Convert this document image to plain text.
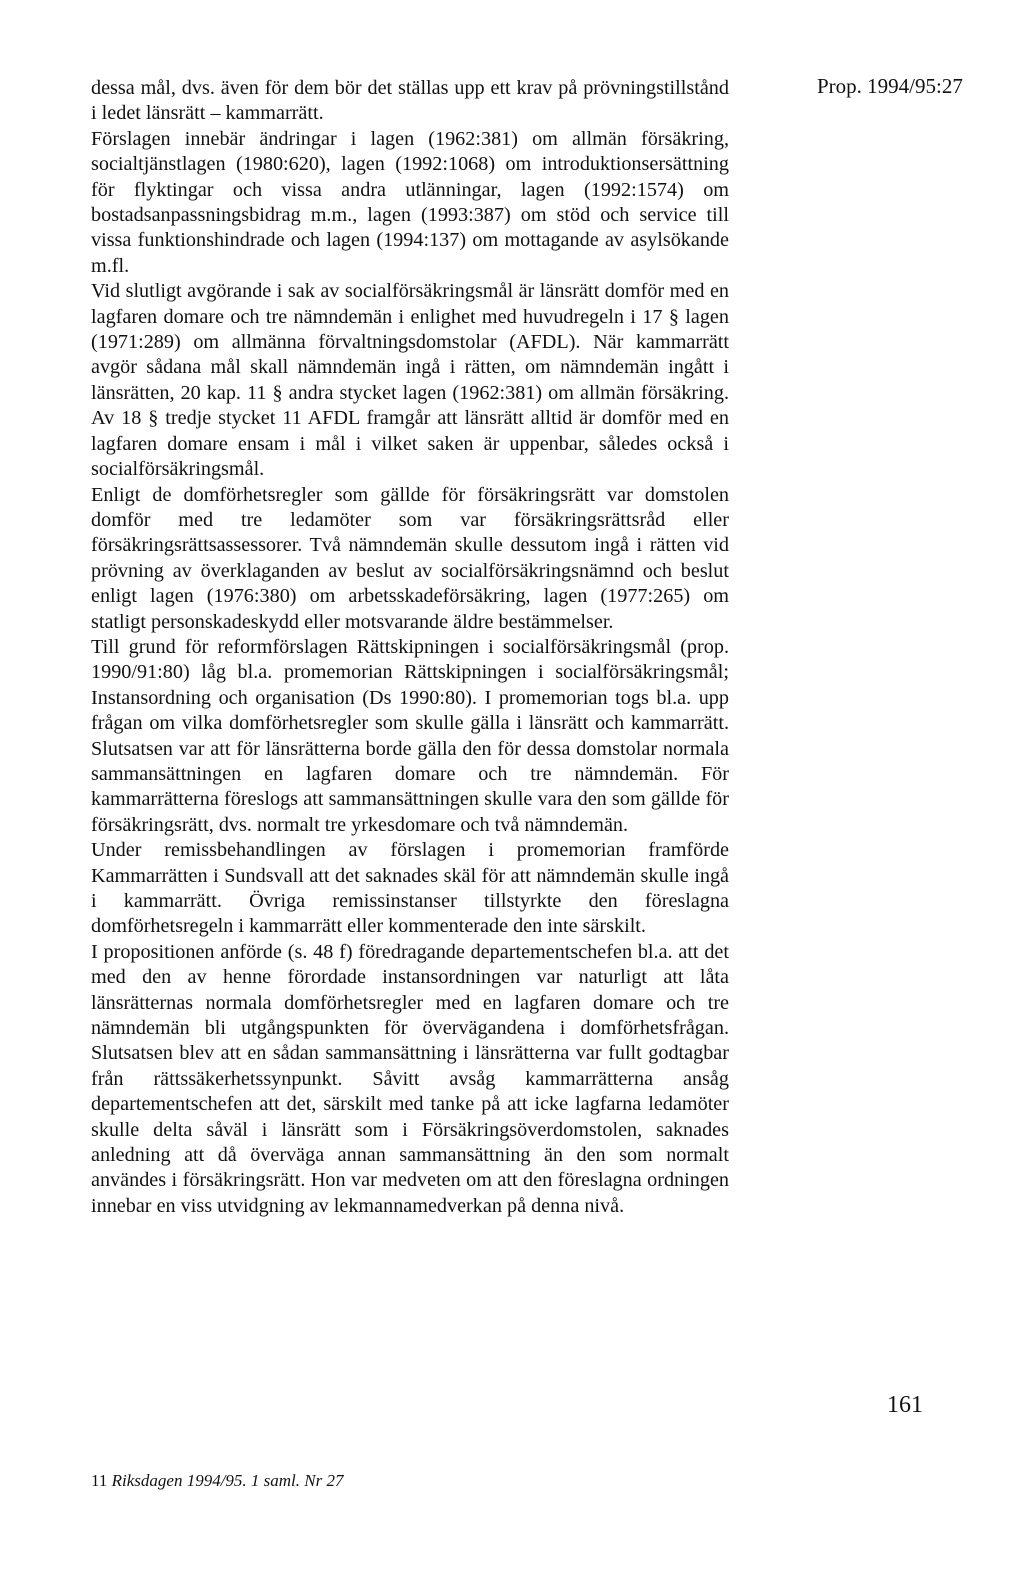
Prop. 1994/95:27

dessa mål, dvs. även för dem bör det ställas upp ett krav på prövningstillstånd i ledet länsrätt – kammarrätt.

Förslagen innebär ändringar i lagen (1962:381) om allmän försäkring, socialtjänstlagen (1980:620), lagen (1992:1068) om introduktionsersättning för flyktingar och vissa andra utlänningar, lagen (1992:1574) om bostadsanpassningsbidrag m.m., lagen (1993:387) om stöd och service till vissa funktionshindrade och lagen (1994:137) om mottagande av asylsökande m.fl.

Vid slutligt avgörande i sak av socialförsäkringsmål är länsrätt domför med en lagfaren domare och tre nämndemän i enlighet med huvudregeln i 17 § lagen (1971:289) om allmänna förvaltningsdomstolar (AFDL). När kammarrätt avgör sådana mål skall nämndemän ingå i rätten, om nämndemän ingått i länsrätten, 20 kap. 11 § andra stycket lagen (1962:381) om allmän försäkring. Av 18 § tredje stycket 11 AFDL framgår att länsrätt alltid är domför med en lagfaren domare ensam i mål i vilket saken är uppenbar, således också i socialförsäkringsmål.

Enligt de domförhetsregler som gällde för försäkringsrätt var domstolen domför med tre ledamöter som var försäkringsrättsråd eller försäkringsrättsassessorer. Två nämndemän skulle dessutom ingå i rätten vid prövning av överklaganden av beslut av socialförsäkringsnämnd och beslut enligt lagen (1976:380) om arbetsskadeförsäkring, lagen (1977:265) om statligt personskadeskydd eller motsvarande äldre bestämmelser.

Till grund för reformförslagen Rättskipningen i socialförsäkringsmål (prop. 1990/91:80) låg bl.a. promemorian Rättskipningen i socialförsäkringsmål; Instansordning och organisation (Ds 1990:80). I promemorian togs bl.a. upp frågan om vilka domförhetsregler som skulle gälla i länsrätt och kammarrätt. Slutsatsen var att för länsrätterna borde gälla den för dessa domstolar normala sammansättningen en lagfaren domare och tre nämndemän. För kammarrätterna föreslogs att sammansättningen skulle vara den som gällde för försäkringsrätt, dvs. normalt tre yrkesdomare och två nämndemän.

Under remissbehandlingen av förslagen i promemorian framförde Kammarrätten i Sundsvall att det saknades skäl för att nämndemän skulle ingå i kammarrätt. Övriga remissinstanser tillstyrkte den föreslagna domförhetsregeln i kammarrätt eller kommenterade den inte särskilt.

I propositionen anförde (s. 48 f) föredragande departementschefen bl.a. att det med den av henne förordade instansordningen var naturligt att låta länsrätternas normala domförhetsregler med en lagfaren domare och tre nämndemän bli utgångspunkten för övervägandena i domförhetsfrågan. Slutsatsen blev att en sådan sammansättning i länsrätterna var fullt godtagbar från rättssäkerhetssynpunkt. Såvitt avsåg kammarrätterna ansåg departementschefen att det, särskilt med tanke på att icke lagfarna ledamöter skulle delta såväl i länsrätt som i Försäkringsöverdomstolen, saknades anledning att då överväga annan sammansättning än den som normalt användes i försäkringsrätt. Hon var medveten om att den föreslagna ordningen innebar en viss utvidgning av lekmannamedverkan på denna nivå.

161
11 Riksdagen 1994/95. 1 saml. Nr 27
